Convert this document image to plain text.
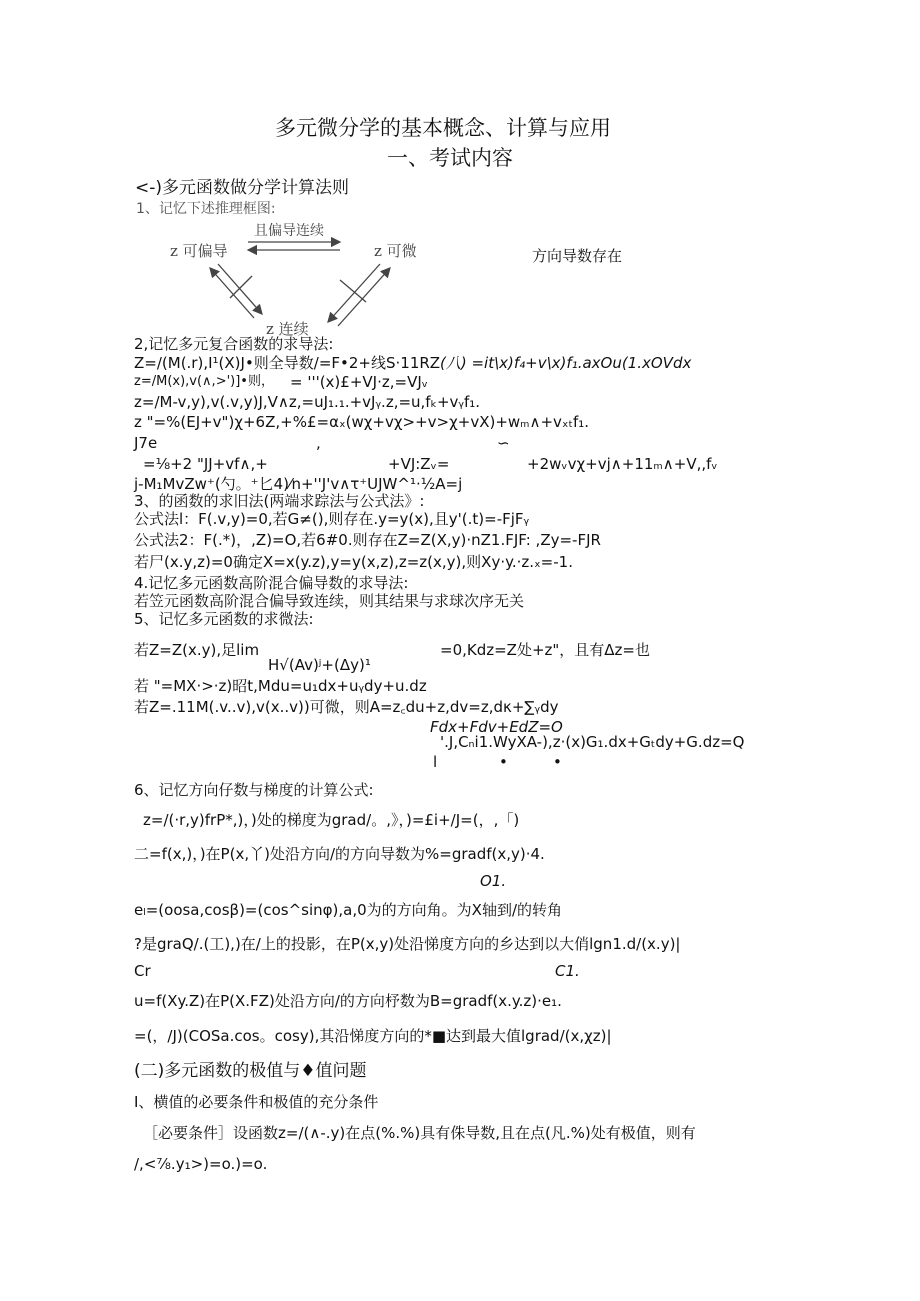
多元微分学的基本概念、计算与应用
一、考试内容
<-)多元函数做分学计算法则
1、记忆下述推理框图:
z 可偏导	z 可微
z 连续
且偏导连续
方向导数存在
2,记忆多元复合函数的求导法:
Z=/(M(.r),I¹(X)J•则全导数/=F•2+线S·11RZ (八) =it\x)f₄+v\x)f₁.axOu(1.xOVdx
z=/M(x),v(∧,>')]•则， = '''(x)£+VJ·z,=VJᵥ
z=/M-v,y),v(.v,y)J,V∧z,=uJ₁.₁.+vJᵧ.z,=u,fₖ+vᵧf₁.
z "=%(EJ+v")χ+6Z,+%£=αₓ(wχ+vχ>+v>χ+vX)+wₘ∧+vₓₜf₁.
J7e	,	∽
=⅛+2 "JJ+vf∧,+	+VJ:Zᵥ=	+2wᵥvχ+vj∧+11ₘ∧+V,,fᵥ
j-M₁MvZw⁺(勺。⁺匕4)⁄n+''J'v∧τ⁺UJW^¹·½A=j
3、的函数的求旧法(两端求踪法与公式法》:
公式法l：F(.v,y)=0,若G≠(),则存在.y=y(x),且y'(.t)=-FjFᵧ
公式法2：F(.*)，,Z)=O,若6#0.则存在Z=Z(X,y)·nZ1.FJF: ,Zy=-FJR
若尸(x.y,z)=0确定X=x(y.z),y=y(x,z),z=z(x,y),则Xy·y.·z.ₓ=-1.
4.记忆多元函数高阶混合偏导数的求导法:
若笠元函数高阶混合偏导致连续，则其结果与求球次序无关
5、记忆多元函数的求微法:
若Z=Z(x.y),足lim	=0,Kdz=Z处+z"，且有Δz=也
H√(Av)ʲ+(Δy)¹
若 "=MX·>·z)昭t,Mdu=u₁dx+uᵧdy+u.dz
若Z=.11M(.v..v),v(x..v))可微，则A=z꜀du+z,dv=z,dκ+∑ᵧdy
Fdx+Fdv+EdZ=O
'.J,Cₙi1.WyXA-),z·(x)G₁.dx+Gₜdy+G.dz=Q
l	•	•
6、记忆方向仔数与梯度的计算公式:
z=/(·r,y)frP*,)，)处的梯度为grad/。,》，)=£i+/J=(，,「)
二=f(x,)，)在P(x,丫)处沿方向/的方向导数为%=gradf(x,y)·4.
O1.
eₗ=(oosa,cosβ)=(cos^sinφ),a,0为的方向角。为X轴到/的转角
?是graQ/.(工),)在/上的投影，在P(x,y)处沿悌度方向的乡达到以大俏lgn1.d/(x.y)|
Cr	C1.
u=f(Xy.Z)在P(X.FZ)处沿方向/的方向杼数为B=gradf(x.y.z)·e₁.
=(，/J)(COSa.cos。cosy),其沿悌度方向的*■达到最大值lgrad/(x,χz)|
(二)多元函数的极值与♦值问题
I、横值的必要条件和极值的充分条件
［必要条件］设函数z=/(∧-.y)在点(%.%)具有侏导数,且在点(凡.%)处有极值，则有
/,<⅞.y₁>)=o.)=o.
